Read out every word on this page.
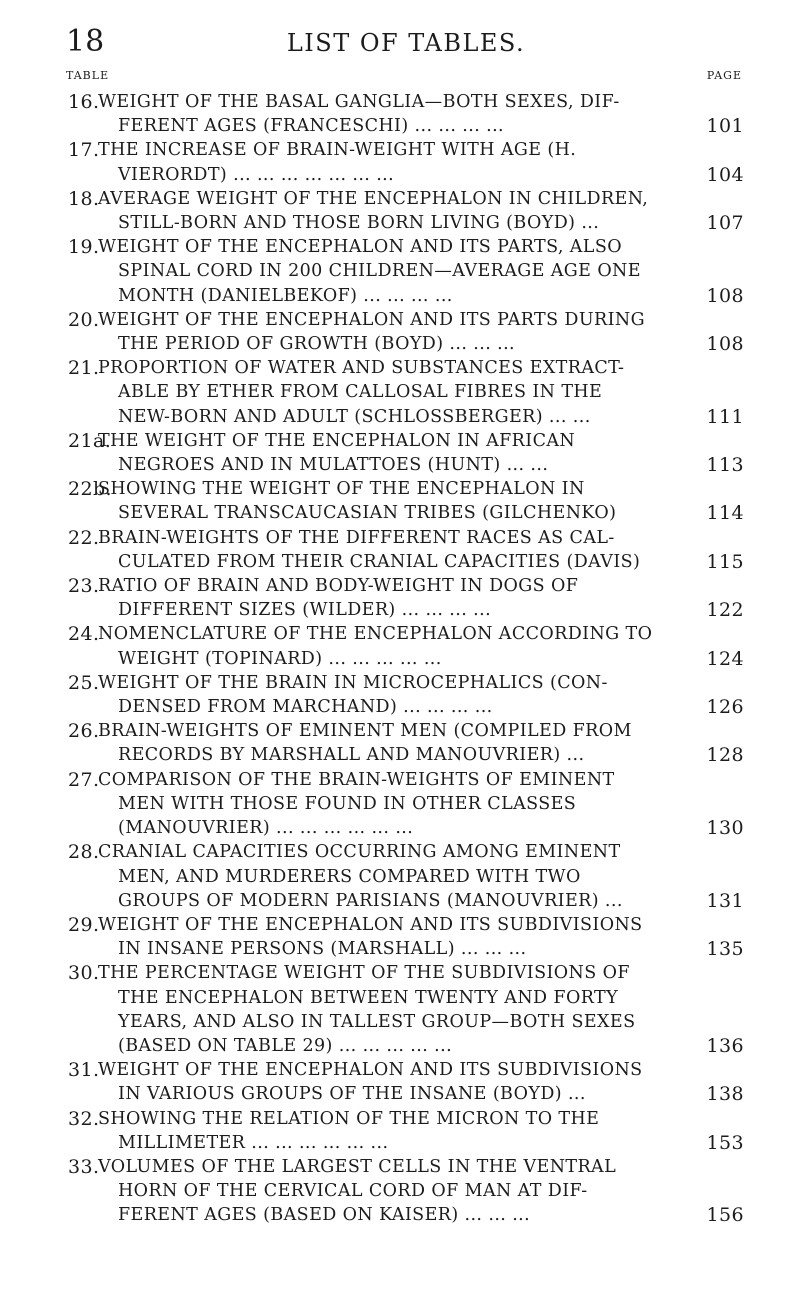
18	LIST OF TABLES.
TABLE	PAGE
16.
WEIGHT OF THE BASAL GANGLIA—BOTH SEXES, DIF-
FERENT AGES (FRANCESCHI) ... ... ... ...	101
17.
THE INCREASE OF BRAIN-WEIGHT WITH AGE (H.
VIERORDT) ... ... ... ... ... ... ...	104
18.
AVERAGE WEIGHT OF THE ENCEPHALON IN CHILDREN,
STILL-BORN AND THOSE BORN LIVING (BOYD) ...	107
19.
WEIGHT OF THE ENCEPHALON AND ITS PARTS, ALSO
SPINAL CORD IN 200 CHILDREN—AVERAGE AGE ONE
MONTH (DANIELBEKOF) ... ... ... ...	108
20.
WEIGHT OF THE ENCEPHALON AND ITS PARTS DURING
THE PERIOD OF GROWTH (BOYD) ... ... ...	108
21.
PROPORTION OF WATER AND SUBSTANCES EXTRACT-
ABLE BY ETHER FROM CALLOSAL FIBRES IN THE
NEW-BORN AND ADULT (SCHLOSSBERGER) ... ...	111
21a.
THE WEIGHT OF THE ENCEPHALON IN AFRICAN
NEGROES AND IN MULATTOES (HUNT) ... ...	113
22b.
SHOWING THE WEIGHT OF THE ENCEPHALON IN
SEVERAL TRANSCAUCASIAN TRIBES (GILCHENKO)	114
22.
BRAIN-WEIGHTS OF THE DIFFERENT RACES AS CAL-
CULATED FROM THEIR CRANIAL CAPACITIES (DAVIS)	115
23.
RATIO OF BRAIN AND BODY-WEIGHT IN DOGS OF
DIFFERENT SIZES (WILDER) ... ... ... ...	122
24.
NOMENCLATURE OF THE ENCEPHALON ACCORDING TO
WEIGHT (TOPINARD) ... ... ... ... ...	124
25.
WEIGHT OF THE BRAIN IN MICROCEPHALICS (CON-
DENSED FROM MARCHAND) ... ... ... ...	126
26.
BRAIN-WEIGHTS OF EMINENT MEN (COMPILED FROM
RECORDS BY MARSHALL AND MANOUVRIER) ...	128
27.
COMPARISON OF THE BRAIN-WEIGHTS OF EMINENT
MEN WITH THOSE FOUND IN OTHER CLASSES
(MANOUVRIER) ... ... ... ... ... ...	130
28.
CRANIAL CAPACITIES OCCURRING AMONG EMINENT
MEN, AND MURDERERS COMPARED WITH TWO
GROUPS OF MODERN PARISIANS (MANOUVRIER) ...	131
29.
WEIGHT OF THE ENCEPHALON AND ITS SUBDIVISIONS
IN INSANE PERSONS (MARSHALL) ... ... ...	135
30.
THE PERCENTAGE WEIGHT OF THE SUBDIVISIONS OF
THE ENCEPHALON BETWEEN TWENTY AND FORTY
YEARS, AND ALSO IN TALLEST GROUP—BOTH SEXES
(BASED ON TABLE 29) ... ... ... ... ...	136
31.
WEIGHT OF THE ENCEPHALON AND ITS SUBDIVISIONS
IN VARIOUS GROUPS OF THE INSANE (BOYD) ...	138
32.
SHOWING THE RELATION OF THE MICRON TO THE
MILLIMETER ... ... ... ... ... ...	153
33.
VOLUMES OF THE LARGEST CELLS IN THE VENTRAL
HORN OF THE CERVICAL CORD OF MAN AT DIF-
FERENT AGES (BASED ON KAISER) ... ... ...	156
